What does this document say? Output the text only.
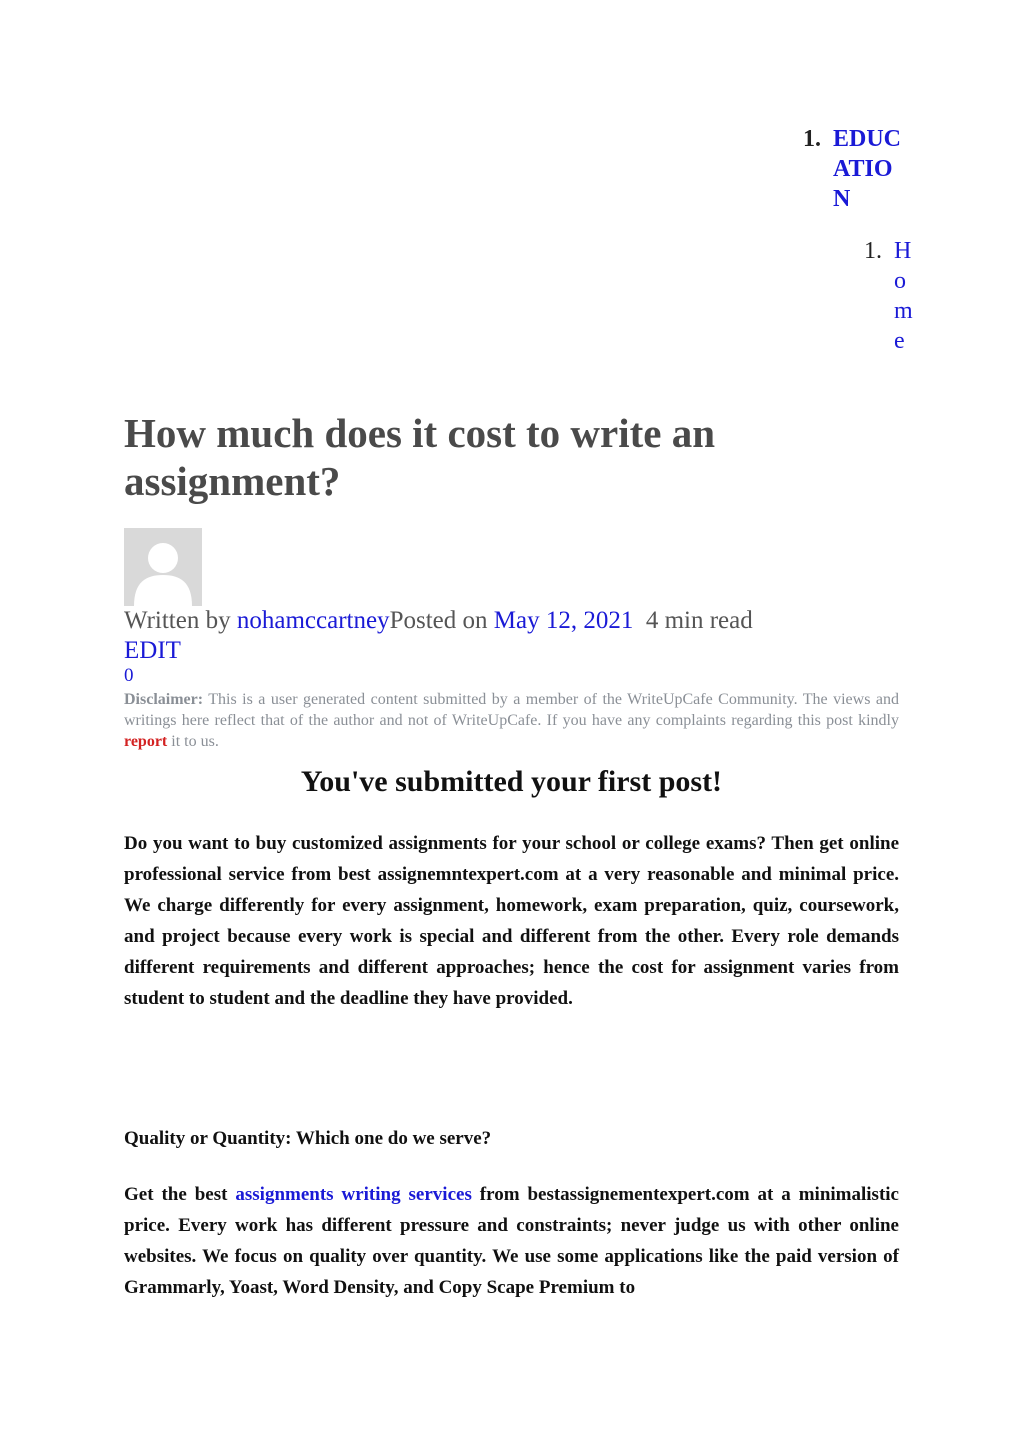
1. EDUCATION
1. Home
How much does it cost to write an assignment?
Written by nohamccartneyPosted on May 12, 2021 4 min read
EDIT
0

Disclaimer: This is a user generated content submitted by a member of the WriteUpCafe Community. The views and writings here reflect that of the author and not of WriteUpCafe. If you have any complaints regarding this post kindly report it to us.

You've submitted your first post!

Do you want to buy customized assignments for your school or college exams? Then get online professional service from best assignemntexpert.com at a very reasonable and minimal price. We charge differently for every assignment, homework, exam preparation, quiz, coursework, and project because every work is special and different from the other. Every role demands different requirements and different approaches; hence the cost for assignment varies from student to student and the deadline they have provided.

Quality or Quantity: Which one do we serve?

Get the best assignments writing services from bestassignementexpert.com at a minimalistic price. Every work has different pressure and constraints; never judge us with other online websites. We focus on quality over quantity. We use some applications like the paid version of Grammarly, Yoast, Word Density, and Copy Scape Premium to
